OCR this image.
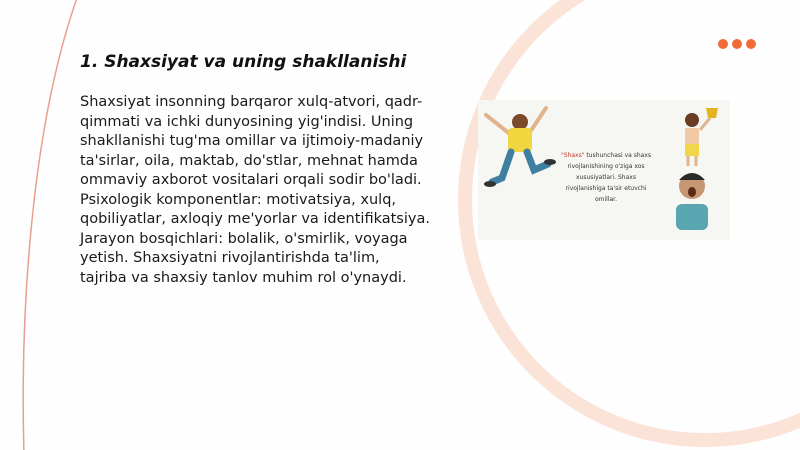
1. Shaxsiyat va uning shakllanishi

Shaxsiyat insonning barqaror xulq-atvori, qadr-qimmati va ichki dunyosining yig'indisi. Uning shakllanishi tug'ma omillar va ijtimoiy-madaniy ta'sirlar, oila, maktab, do'stlar, mehnat hamda ommaviy axborot vositalari orqali sodir bo'ladi. Psixologik komponentlar: motivatsiya, xulq, qobiliyatlar, axloqiy me'yorlar va identifikatsiya. Jarayon bosqichlari: bolalik, o'smirlik, voyaga yetish. Shaxsiyatni rivojlantirishda ta'lim, tajriba va shaxsiy tanlov muhim rol o'ynaydi.

"Shaxs" tushunchasi va shaxs rivojlanishining o'ziga xos xususiyatlari. Shaxs rivojlanishiga ta'sir etuvchi omillar.
